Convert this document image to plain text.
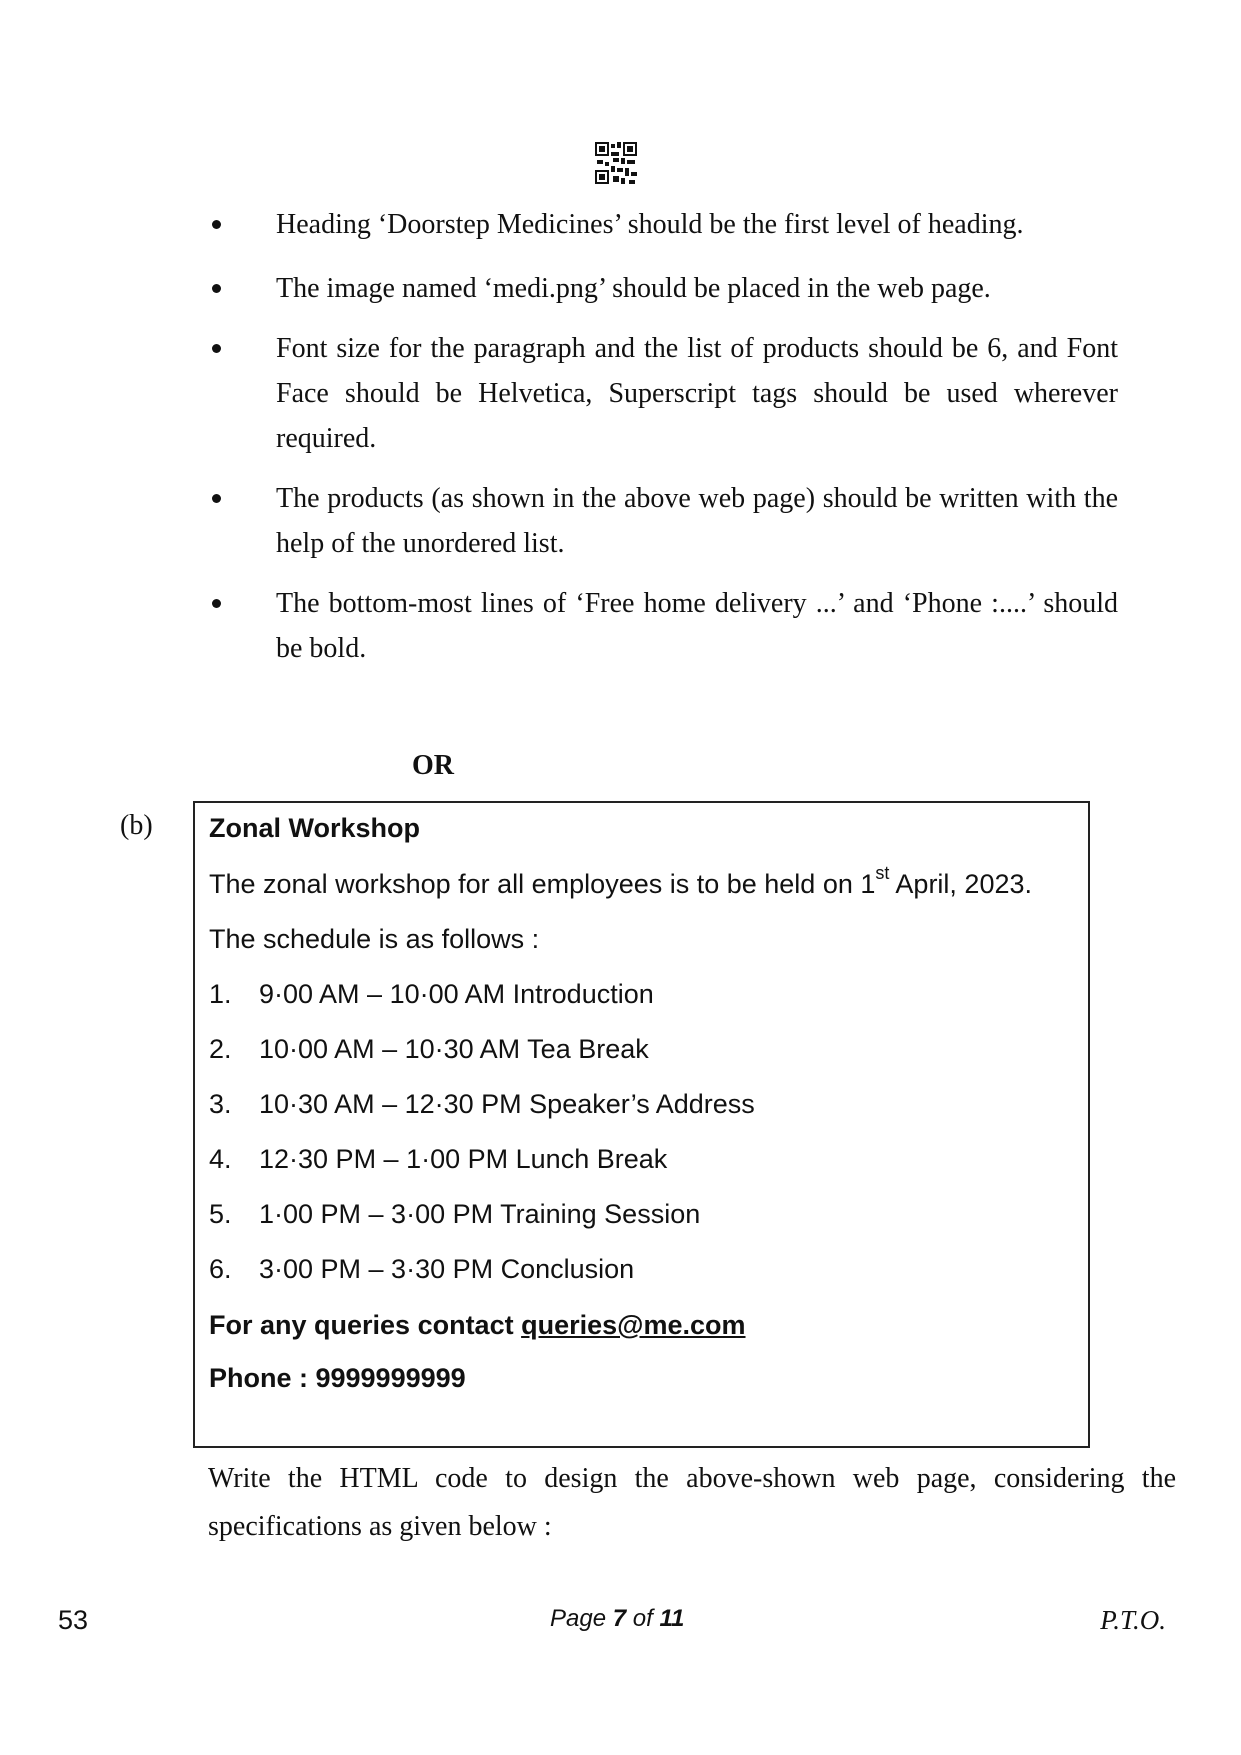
Heading ‘Doorstep Medicines’ should be the first level of heading.
The image named ‘medi.png’ should be placed in the web page.
Font size for the paragraph and the list of products should be 6, and Font Face should be Helvetica, Superscript tags should be used wherever required.
The products (as shown in the above web page) should be written with the help of the unordered list.
The bottom-most lines of ‘Free home delivery ...’ and ‘Phone :....’ should be bold.
OR
(b) Zonal Workshop
The zonal workshop for all employees is to be held on 1st April, 2023.
The schedule is as follows :
1. 9·00 AM – 10·00 AM Introduction
2. 10·00 AM – 10·30 AM Tea Break
3. 10·30 AM – 12·30 PM Speaker’s Address
4. 12·30 PM – 1·00 PM Lunch Break
5. 1·00 PM – 3·00 PM Training Session
6. 3·00 PM – 3·30 PM Conclusion
For any queries contact queries@me.com
Phone : 9999999999
Write the HTML code to design the above-shown web page, considering the specifications as given below :
53	Page 7 of 11	P.T.O.
